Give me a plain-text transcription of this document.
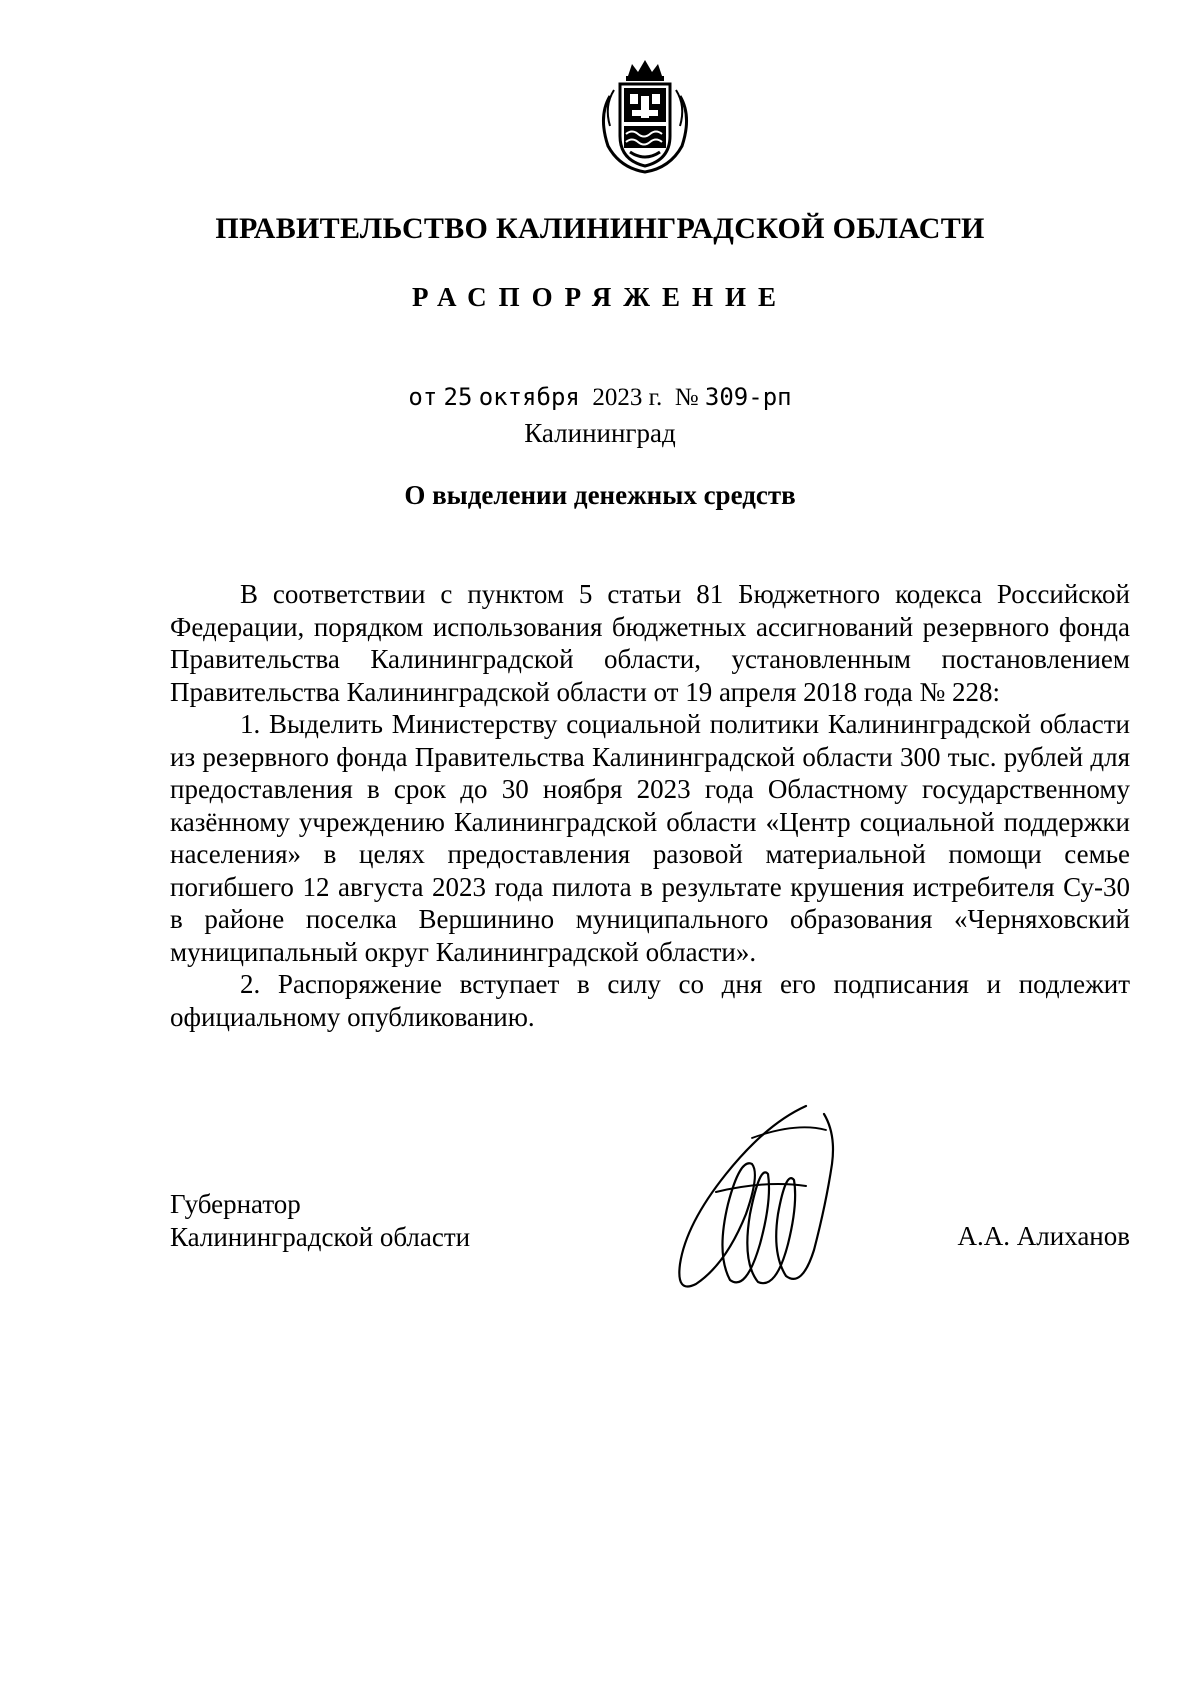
ПРАВИТЕЛЬСТВО КАЛИНИНГРАДСКОЙ ОБЛАСТИ
РАСПОРЯЖЕНИЕ
от 25 октября 2023 г. № 309-рп
Калининград
О выделении денежных средств

В соответствии с пунктом 5 статьи 81 Бюджетного кодекса Российской Федерации, порядком использования бюджетных ассигнований резервного фонда Правительства Калининградской области, установленным постановлением Правительства Калининградской области от 19 апреля 2018 года № 228:

1. Выделить Министерству социальной политики Калининградской области из резервного фонда Правительства Калининградской области 300 тыс. рублей для предоставления в срок до 30 ноября 2023 года Областному государственному казённому учреждению Калининградской области «Центр социальной поддержки населения» в целях предоставления разовой материальной помощи семье погибшего 12 августа 2023 года пилота в результате крушения истребителя Су-30 в районе поселка Вершинино муниципального образования «Черняховский муниципальный округ Калининградской области».

2. Распоряжение вступает в силу со дня его подписания и подлежит официальному опубликованию.

Губернатор
Калининградской области	А.А. Алиханов
